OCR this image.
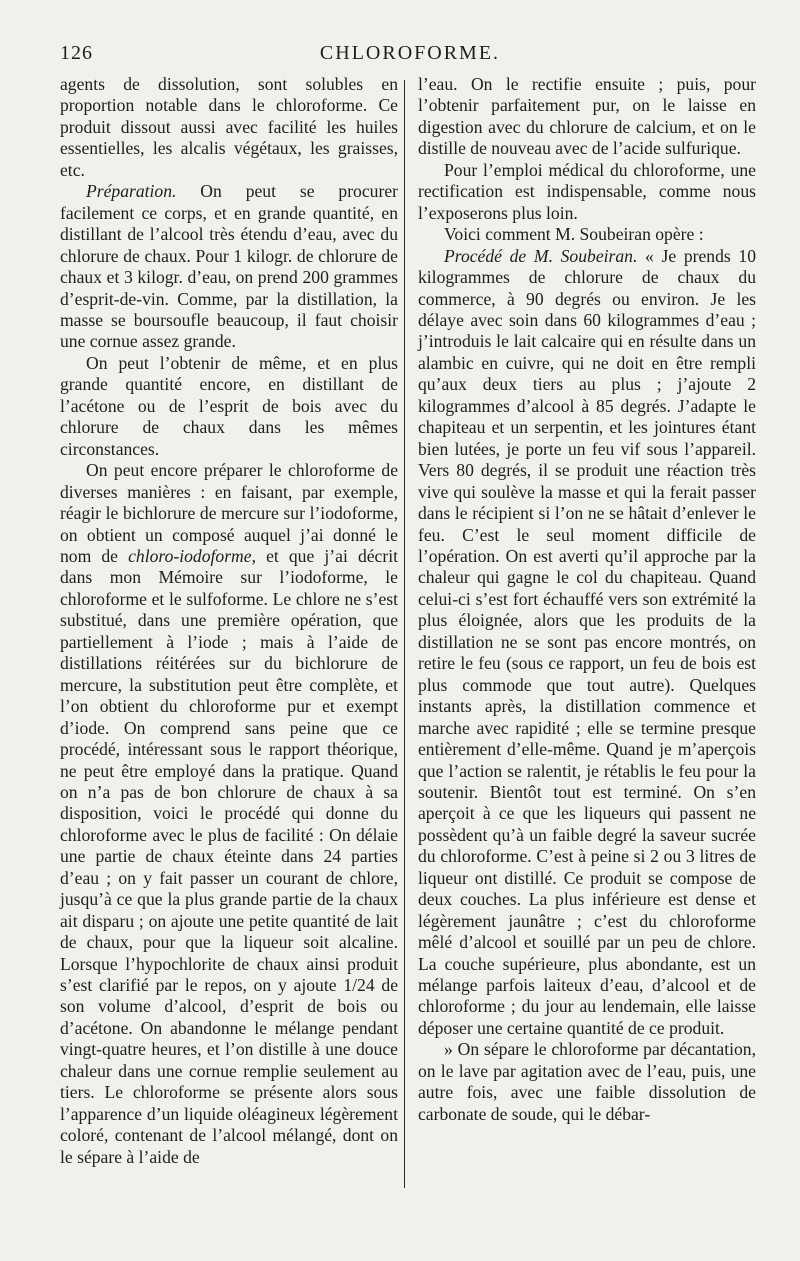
126	CHLOROFORME.

agents de dissolution, sont solubles en proportion notable dans le chloroforme. Ce produit dissout aussi avec facilité les huiles essentielles, les alcalis végétaux, les graisses, etc.

Préparation. On peut se procurer facilement ce corps, et en grande quantité, en distillant de l’alcool très étendu d’eau, avec du chlorure de chaux. Pour 1 kilogr. de chlorure de chaux et 3 kilogr. d’eau, on prend 200 grammes d’esprit-de-vin. Comme, par la distillation, la masse se boursoufle beaucoup, il faut choisir une cornue assez grande.

On peut l’obtenir de même, et en plus grande quantité encore, en distillant de l’acétone ou de l’esprit de bois avec du chlorure de chaux dans les mêmes circonstances.

On peut encore préparer le chloroforme de diverses manières : en faisant, par exemple, réagir le bichlorure de mercure sur l’iodoforme, on obtient un composé auquel j’ai donné le nom de chloro-iodoforme, et que j’ai décrit dans mon Mémoire sur l’iodoforme, le chloroforme et le sulfoforme. Le chlore ne s’est substitué, dans une première opération, que partiellement à l’iode ; mais à l’aide de distillations réitérées sur du bichlorure de mercure, la substitution peut être complète, et l’on obtient du chloroforme pur et exempt d’iode. On comprend sans peine que ce procédé, intéressant sous le rapport théorique, ne peut être employé dans la pratique. Quand on n’a pas de bon chlorure de chaux à sa disposition, voici le procédé qui donne du chloroforme avec le plus de facilité : On délaie une partie de chaux éteinte dans 24 parties d’eau ; on y fait passer un courant de chlore, jusqu’à ce que la plus grande partie de la chaux ait disparu ; on ajoute une petite quantité de lait de chaux, pour que la liqueur soit alcaline. Lorsque l’hypochlorite de chaux ainsi produit s’est clarifié par le repos, on y ajoute 1/24 de son volume d’alcool, d’esprit de bois ou d’acétone. On abandonne le mélange pendant vingt-quatre heures, et l’on distille à une douce chaleur dans une cornue remplie seulement au tiers. Le chloroforme se présente alors sous l’apparence d’un liquide oléagineux légèrement coloré, contenant de l’alcool mélangé, dont on le sépare à l’aide de

l’eau. On le rectifie ensuite ; puis, pour l’obtenir parfaitement pur, on le laisse en digestion avec du chlorure de calcium, et on le distille de nouveau avec de l’acide sulfurique.

Pour l’emploi médical du chloroforme, une rectification est indispensable, comme nous l’exposerons plus loin.

Voici comment M. Soubeiran opère :

Procédé de M. Soubeiran. « Je prends 10 kilogrammes de chlorure de chaux du commerce, à 90 degrés ou environ. Je les délaye avec soin dans 60 kilogrammes d’eau ; j’introduis le lait calcaire qui en résulte dans un alambic en cuivre, qui ne doit en être rempli qu’aux deux tiers au plus ; j’ajoute 2 kilogrammes d’alcool à 85 degrés. J’adapte le chapiteau et un serpentin, et les jointures étant bien lutées, je porte un feu vif sous l’appareil. Vers 80 degrés, il se produit une réaction très vive qui soulève la masse et qui la ferait passer dans le récipient si l’on ne se hâtait d’enlever le feu. C’est le seul moment difficile de l’opération. On est averti qu’il approche par la chaleur qui gagne le col du chapiteau. Quand celui-ci s’est fort échauffé vers son extrémité la plus éloignée, alors que les produits de la distillation ne se sont pas encore montrés, on retire le feu (sous ce rapport, un feu de bois est plus commode que tout autre). Quelques instants après, la distillation commence et marche avec rapidité ; elle se termine presque entièrement d’elle-même. Quand je m’aperçois que l’action se ralentit, je rétablis le feu pour la soutenir. Bientôt tout est terminé. On s’en aperçoit à ce que les liqueurs qui passent ne possèdent qu’à un faible degré la saveur sucrée du chloroforme. C’est à peine si 2 ou 3 litres de liqueur ont distillé. Ce produit se compose de deux couches. La plus inférieure est dense et légèrement jaunâtre ; c’est du chloroforme mêlé d’alcool et souillé par un peu de chlore. La couche supérieure, plus abondante, est un mélange parfois laiteux d’eau, d’alcool et de chloroforme ; du jour au lendemain, elle laisse déposer une certaine quantité de ce produit.

» On sépare le chloroforme par décantation, on le lave par agitation avec de l’eau, puis, une autre fois, avec une faible dissolution de carbonate de soude, qui le débar-
